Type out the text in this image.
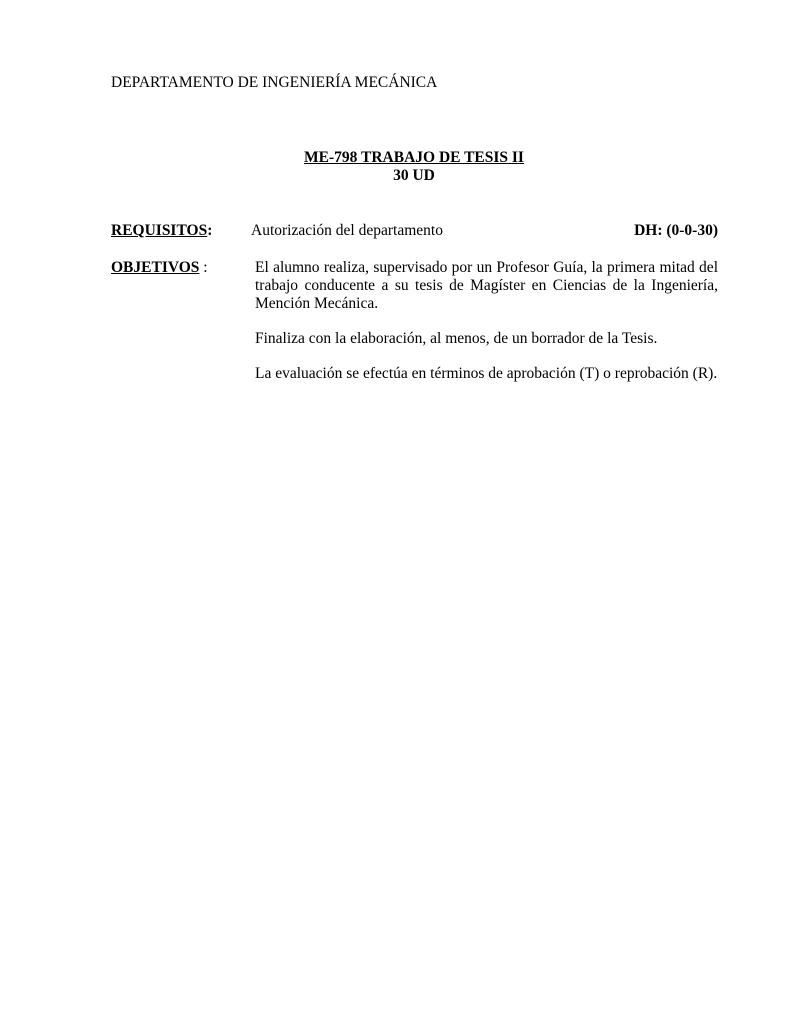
DEPARTAMENTO DE INGENIERÍA MECÁNICA
ME-798 TRABAJO DE TESIS II
30 UD
REQUISITOS: Autorización del departamento	DH: (0-0-30)
OBJETIVOS :	El alumno realiza, supervisado por un Profesor Guía, la primera mitad del trabajo conducente a su tesis de Magíster en Ciencias de la Ingeniería, Mención Mecánica.

Finaliza con la elaboración, al menos, de un borrador de la Tesis.

La evaluación se efectúa en términos de aprobación (T) o reprobación (R).
